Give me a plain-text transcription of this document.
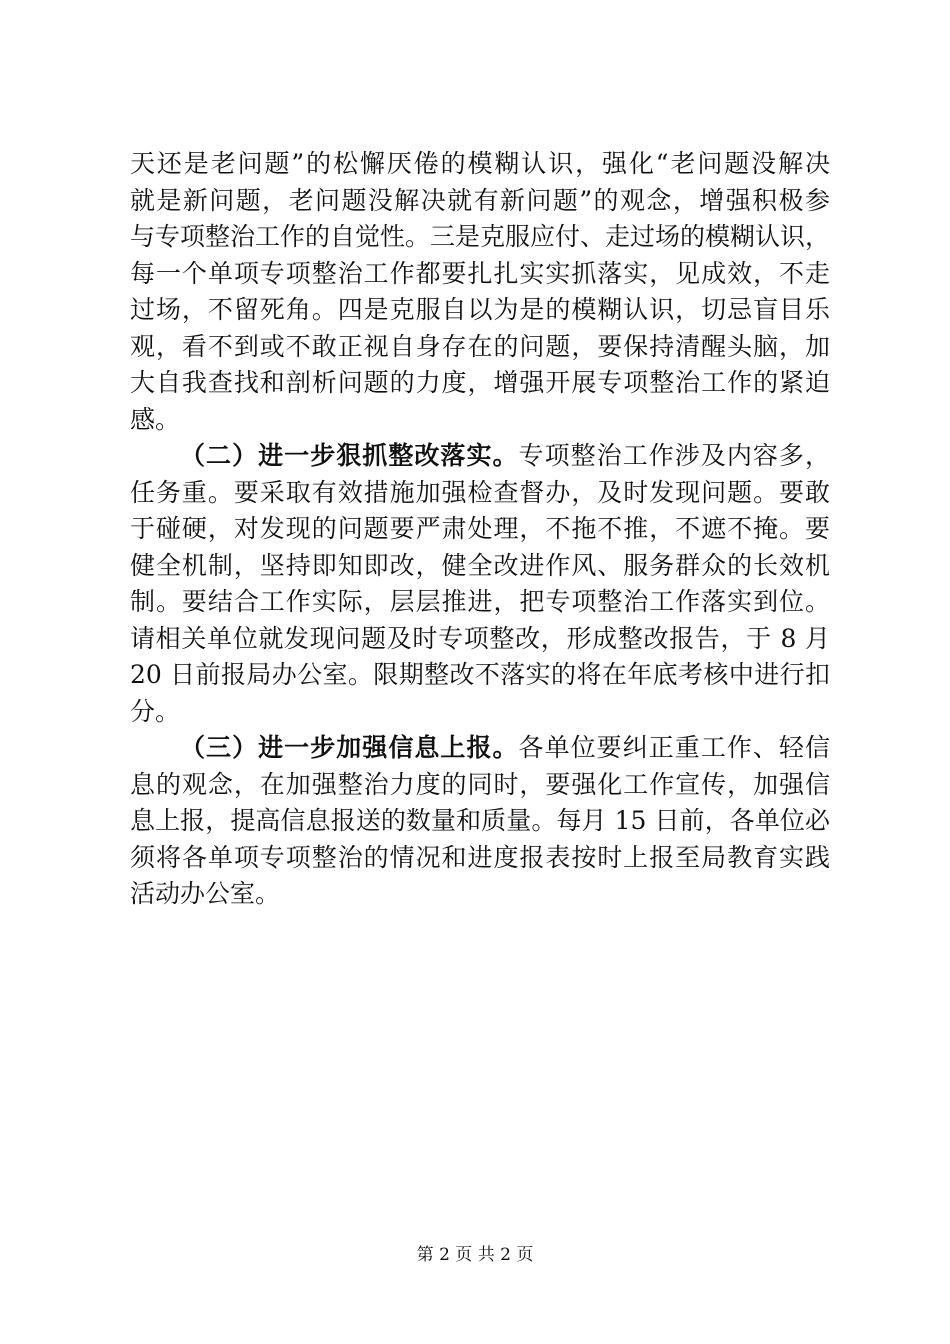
天还是老问题”的松懈厌倦的模糊认识，强化“老问题没解决
就是新问题，老问题没解决就有新问题”的观念，增强积极参
与专项整治工作的自觉性。三是克服应付、走过场的模糊认识，
每一个单项专项整治工作都要扎扎实实抓落实，见成效，不走
过场，不留死角。四是克服自以为是的模糊认识，切忌盲目乐
观，看不到或不敢正视自身存在的问题，要保持清醒头脑，加
大自我查找和剖析问题的力度，增强开展专项整治工作的紧迫
感。
（二）进一步狠抓整改落实。专项整治工作涉及内容多，
任务重。要采取有效措施加强检查督办，及时发现问题。要敢
于碰硬，对发现的问题要严肃处理，不拖不推，不遮不掩。要
健全机制，坚持即知即改，健全改进作风、服务群众的长效机
制。要结合工作实际，层层推进，把专项整治工作落实到位。
请相关单位就发现问题及时专项整改，形成整改报告，于 8 月
20 日前报局办公室。限期整改不落实的将在年底考核中进行扣
分。
（三）进一步加强信息上报。各单位要纠正重工作、轻信
息的观念，在加强整治力度的同时，要强化工作宣传，加强信
息上报，提高信息报送的数量和质量。每月 15 日前，各单位必
须将各单项专项整治的情况和进度报表按时上报至局教育实践
活动办公室。
第 2 页 共 2 页
